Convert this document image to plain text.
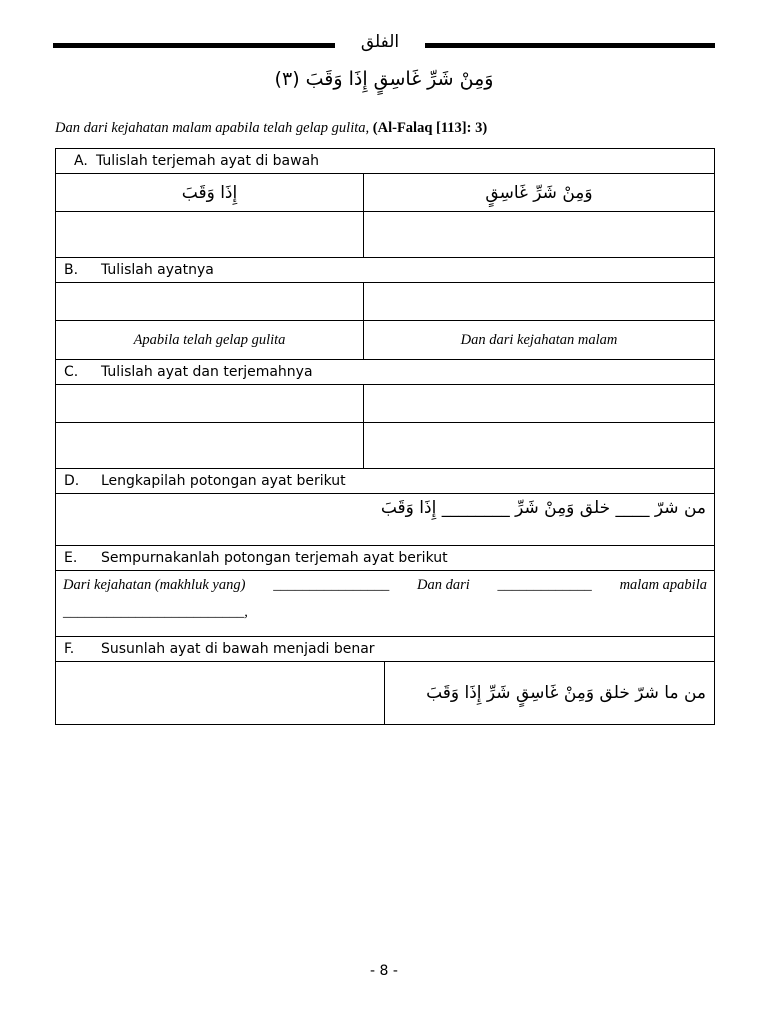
الفلق
وَمِنْ شَرِّ غَاسِقٍ إِذَا وَقَبَ (٣)
Dan dari kejahatan malam apabila telah gelap gulita, (Al-Falaq [113]: 3)
A. Tulislah terjemah ayat di bawah
إِذَا وَقَبَ	وَمِنْ شَرِّ غَاسِقٍ
B.	Tulislah ayatnya
Apabila telah gelap gulita	Dan dari kejahatan malam
C.	Tulislah ayat dan terjemahnya
D.	Lengkapilah potongan ayat berikut
من شرّ ____ خلق وَمِنْ شَرِّ ________ إِذَا وَقَبَ
E.	Sempurnakanlah potongan terjemah ayat berikut
Dari kejahatan (makhluk yang) ________________ Dan dari _____________ malam apabila
_________________________,
F.	Susunlah ayat di bawah menjadi benar
من ما شرّ خلق وَمِنْ غَاسِقٍ شَرِّ إِذَا وَقَبَ
- 8 -
